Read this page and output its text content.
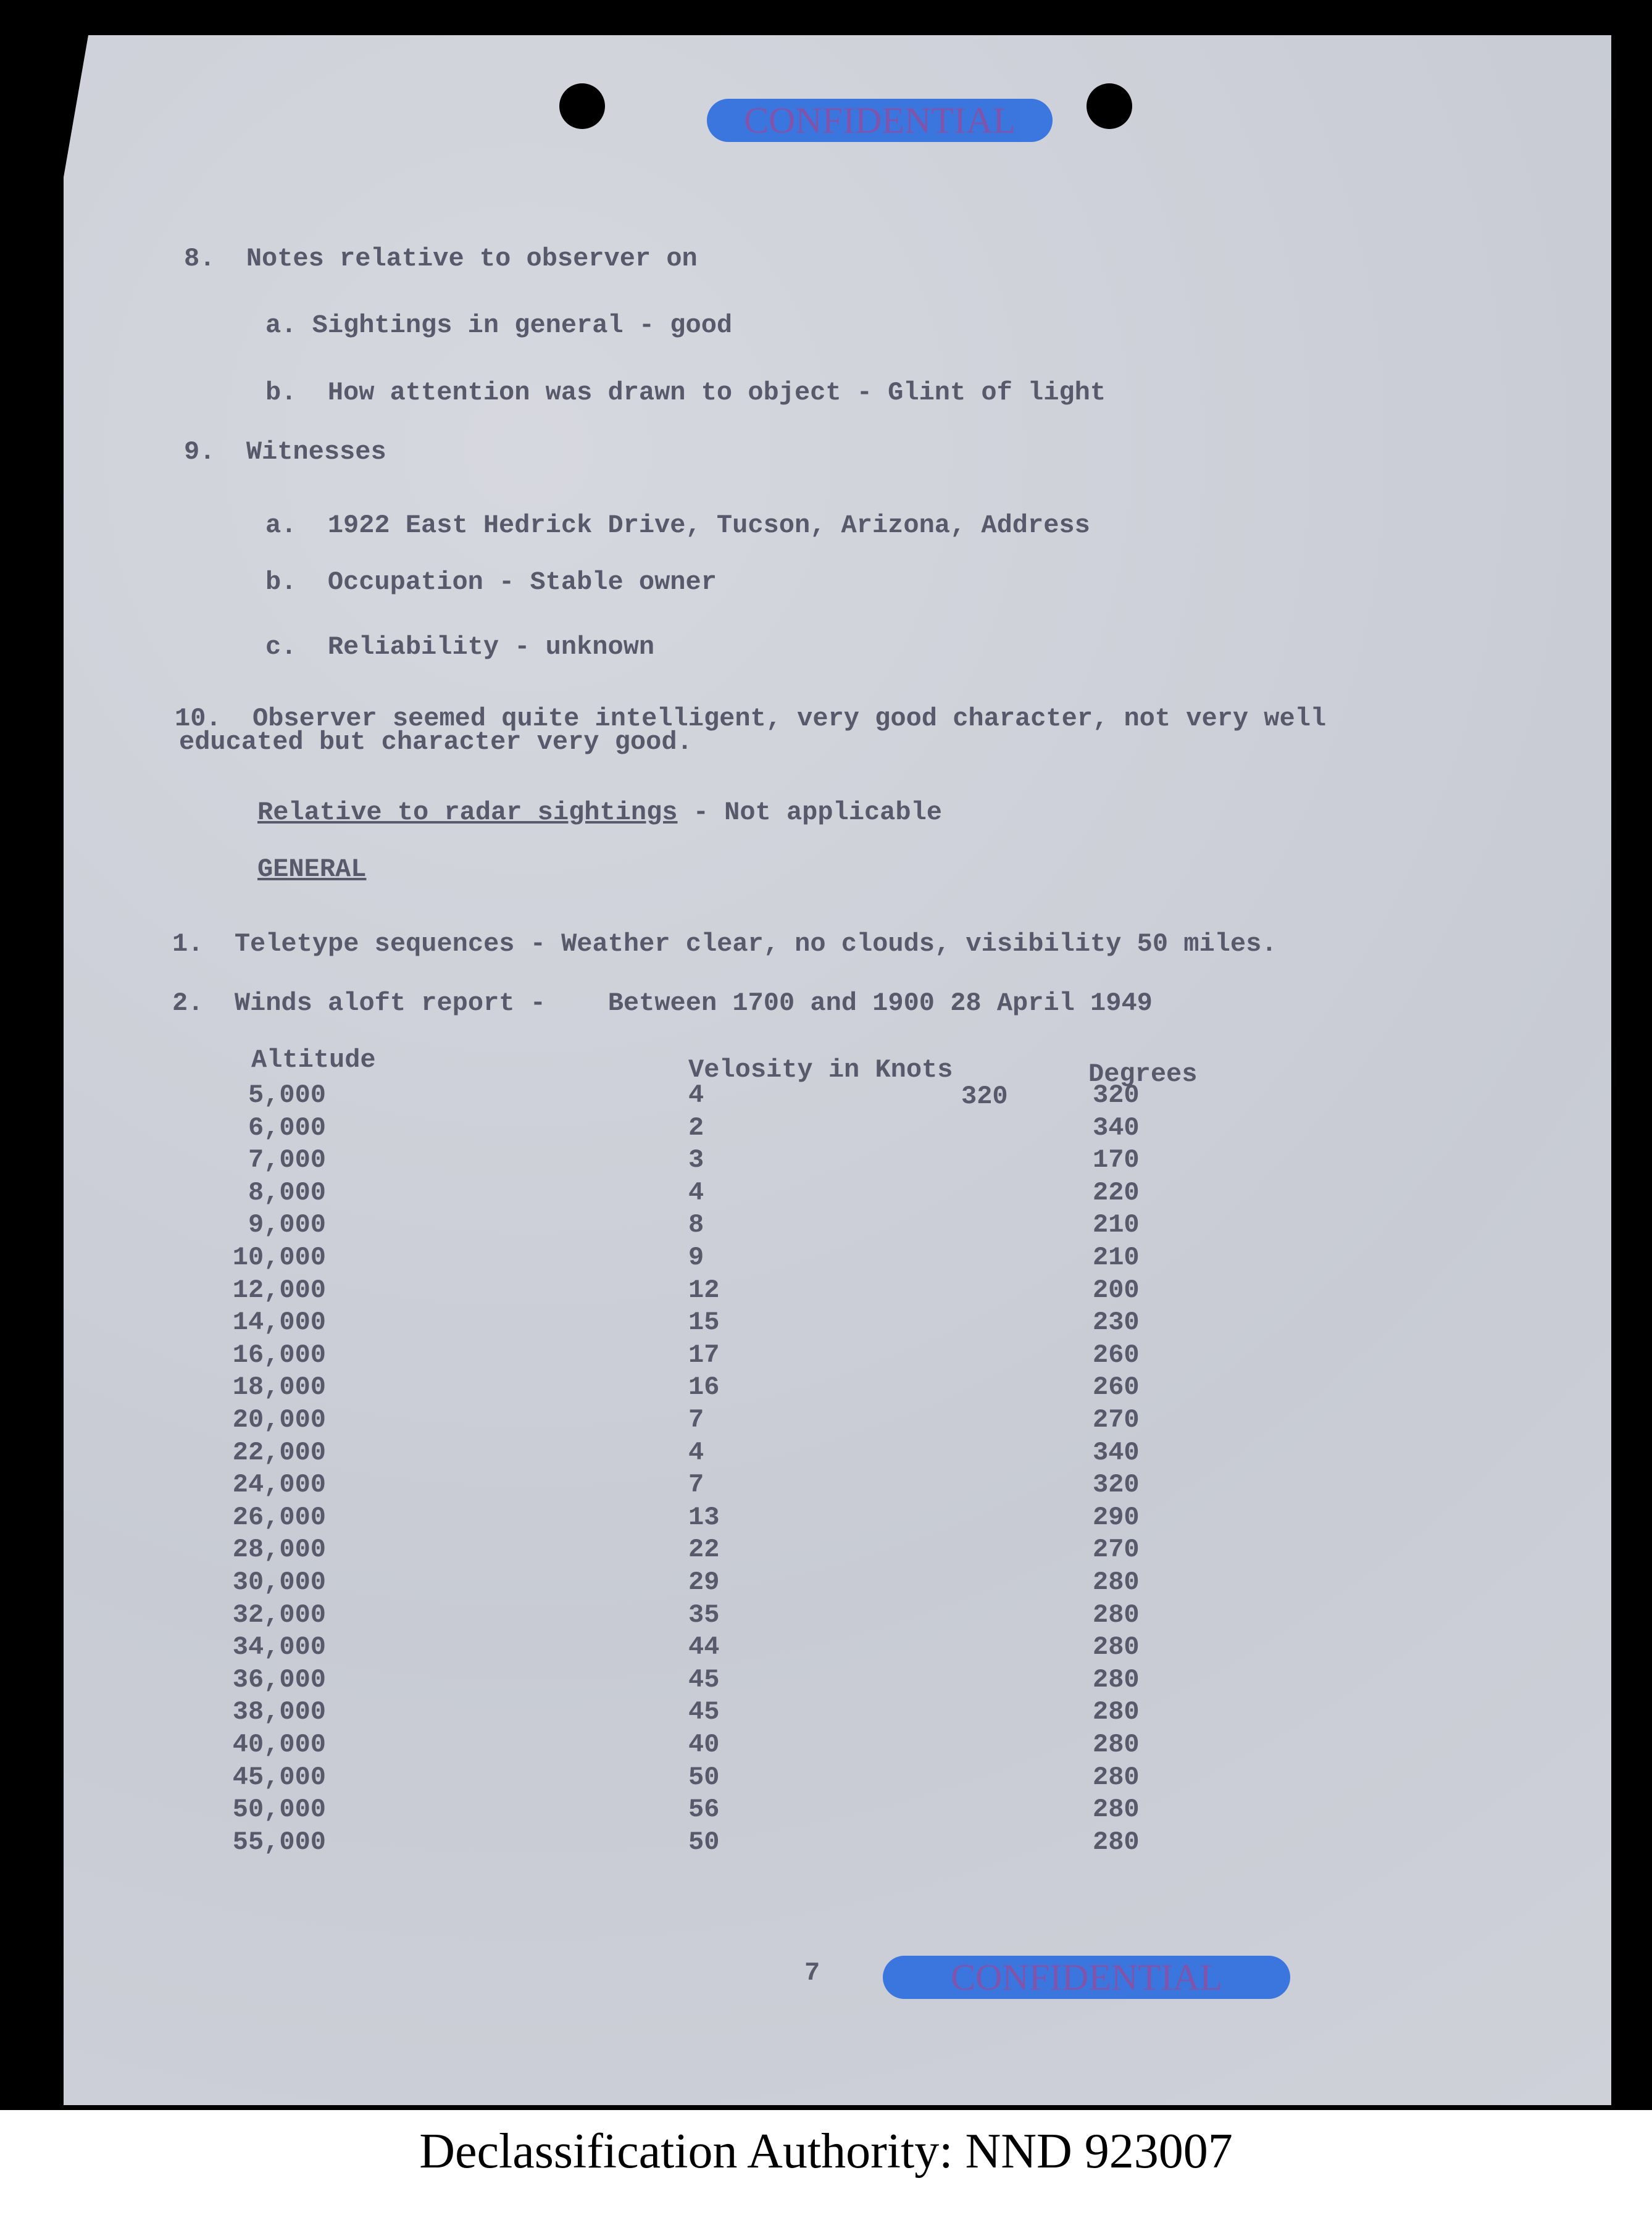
CONFIDENTIAL
8.  Notes relative to observer on
a. Sightings in general - good
b.  How attention was drawn to object - Glint of light
9.  Witnesses
a.  1922 East Hedrick Drive, Tucson, Arizona, Address
b.  Occupation - Stable owner
c.  Reliability - unknown
10.  Observer seemed quite intelligent, very good character, not very well
educated but character very good.
Relative to radar sightings - Not applicable
GENERAL
1.  Teletype sequences - Weather clear, no clouds, visibility 50 miles.
2.  Winds aloft report -    Between 1700 and 1900 28 April 1949
Altitude	Velosity in Knots	Degrees
320
5,000	4	320
6,000	2	340
7,000	3	170
8,000	4	220
9,000	8	210
10,000	9	210
12,000	12	200
14,000	15	230
16,000	17	260
18,000	16	260
20,000	7	270
22,000	4	340
24,000	7	320
26,000	13	290
28,000	22	270
30,000	29	280
32,000	35	280
34,000	44	280
36,000	45	280
38,000	45	280
40,000	40	280
45,000	50	280
50,000	56	280
55,000	50	280
7	CONFIDENTIAL
Declassification Authority: NND 923007
